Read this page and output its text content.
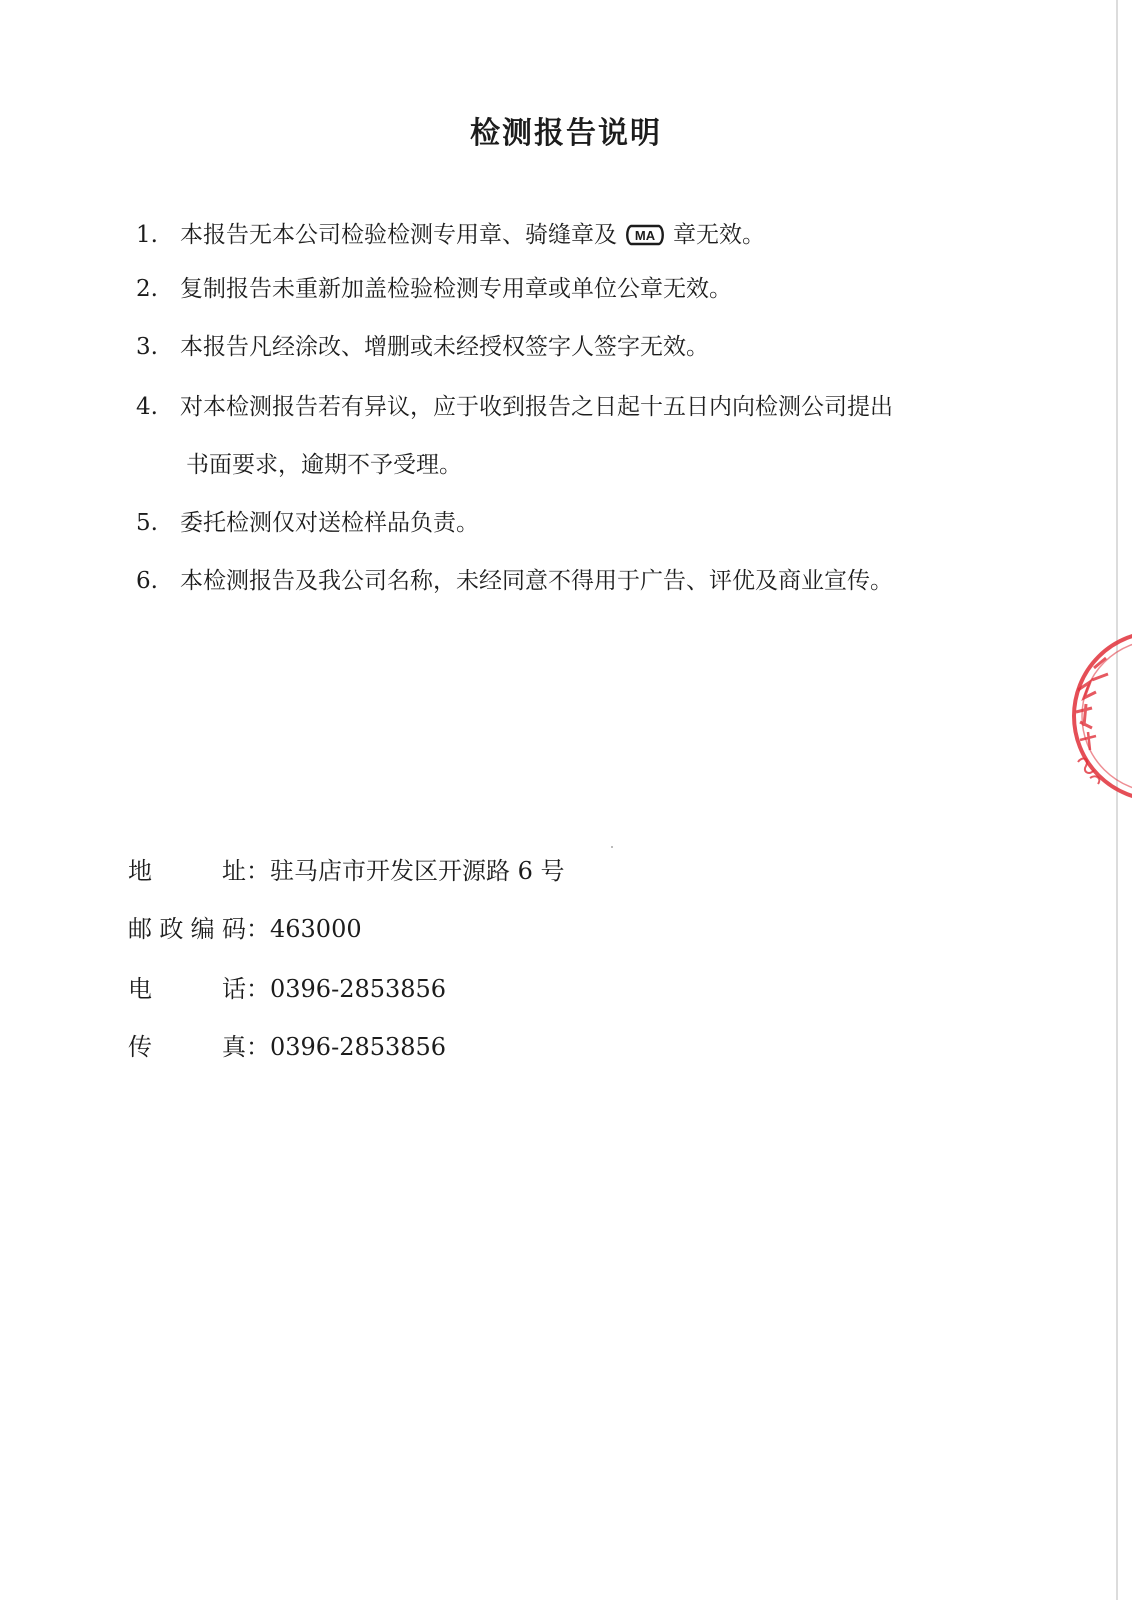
检测报告说明
1. 本报告无本公司检验检测专用章、骑缝章及 MA 章无效。
2. 复制报告未重新加盖检验检测专用章或单位公章无效。
3. 本报告凡经涂改、增删或未经授权签字人签字无效。
4. 对本检测报告若有异议，应于收到报告之日起十五日内向检测公司提出
书面要求，逾期不予受理。
5. 委托检测仅对送检样品负责。
6. 本检测报告及我公司名称，未经同意不得用于广告、评优及商业宣传。
地址：驻马店市开发区开源路 6 号
邮政编码：463000
电话：0396-2853856
传真：0396-2853856
